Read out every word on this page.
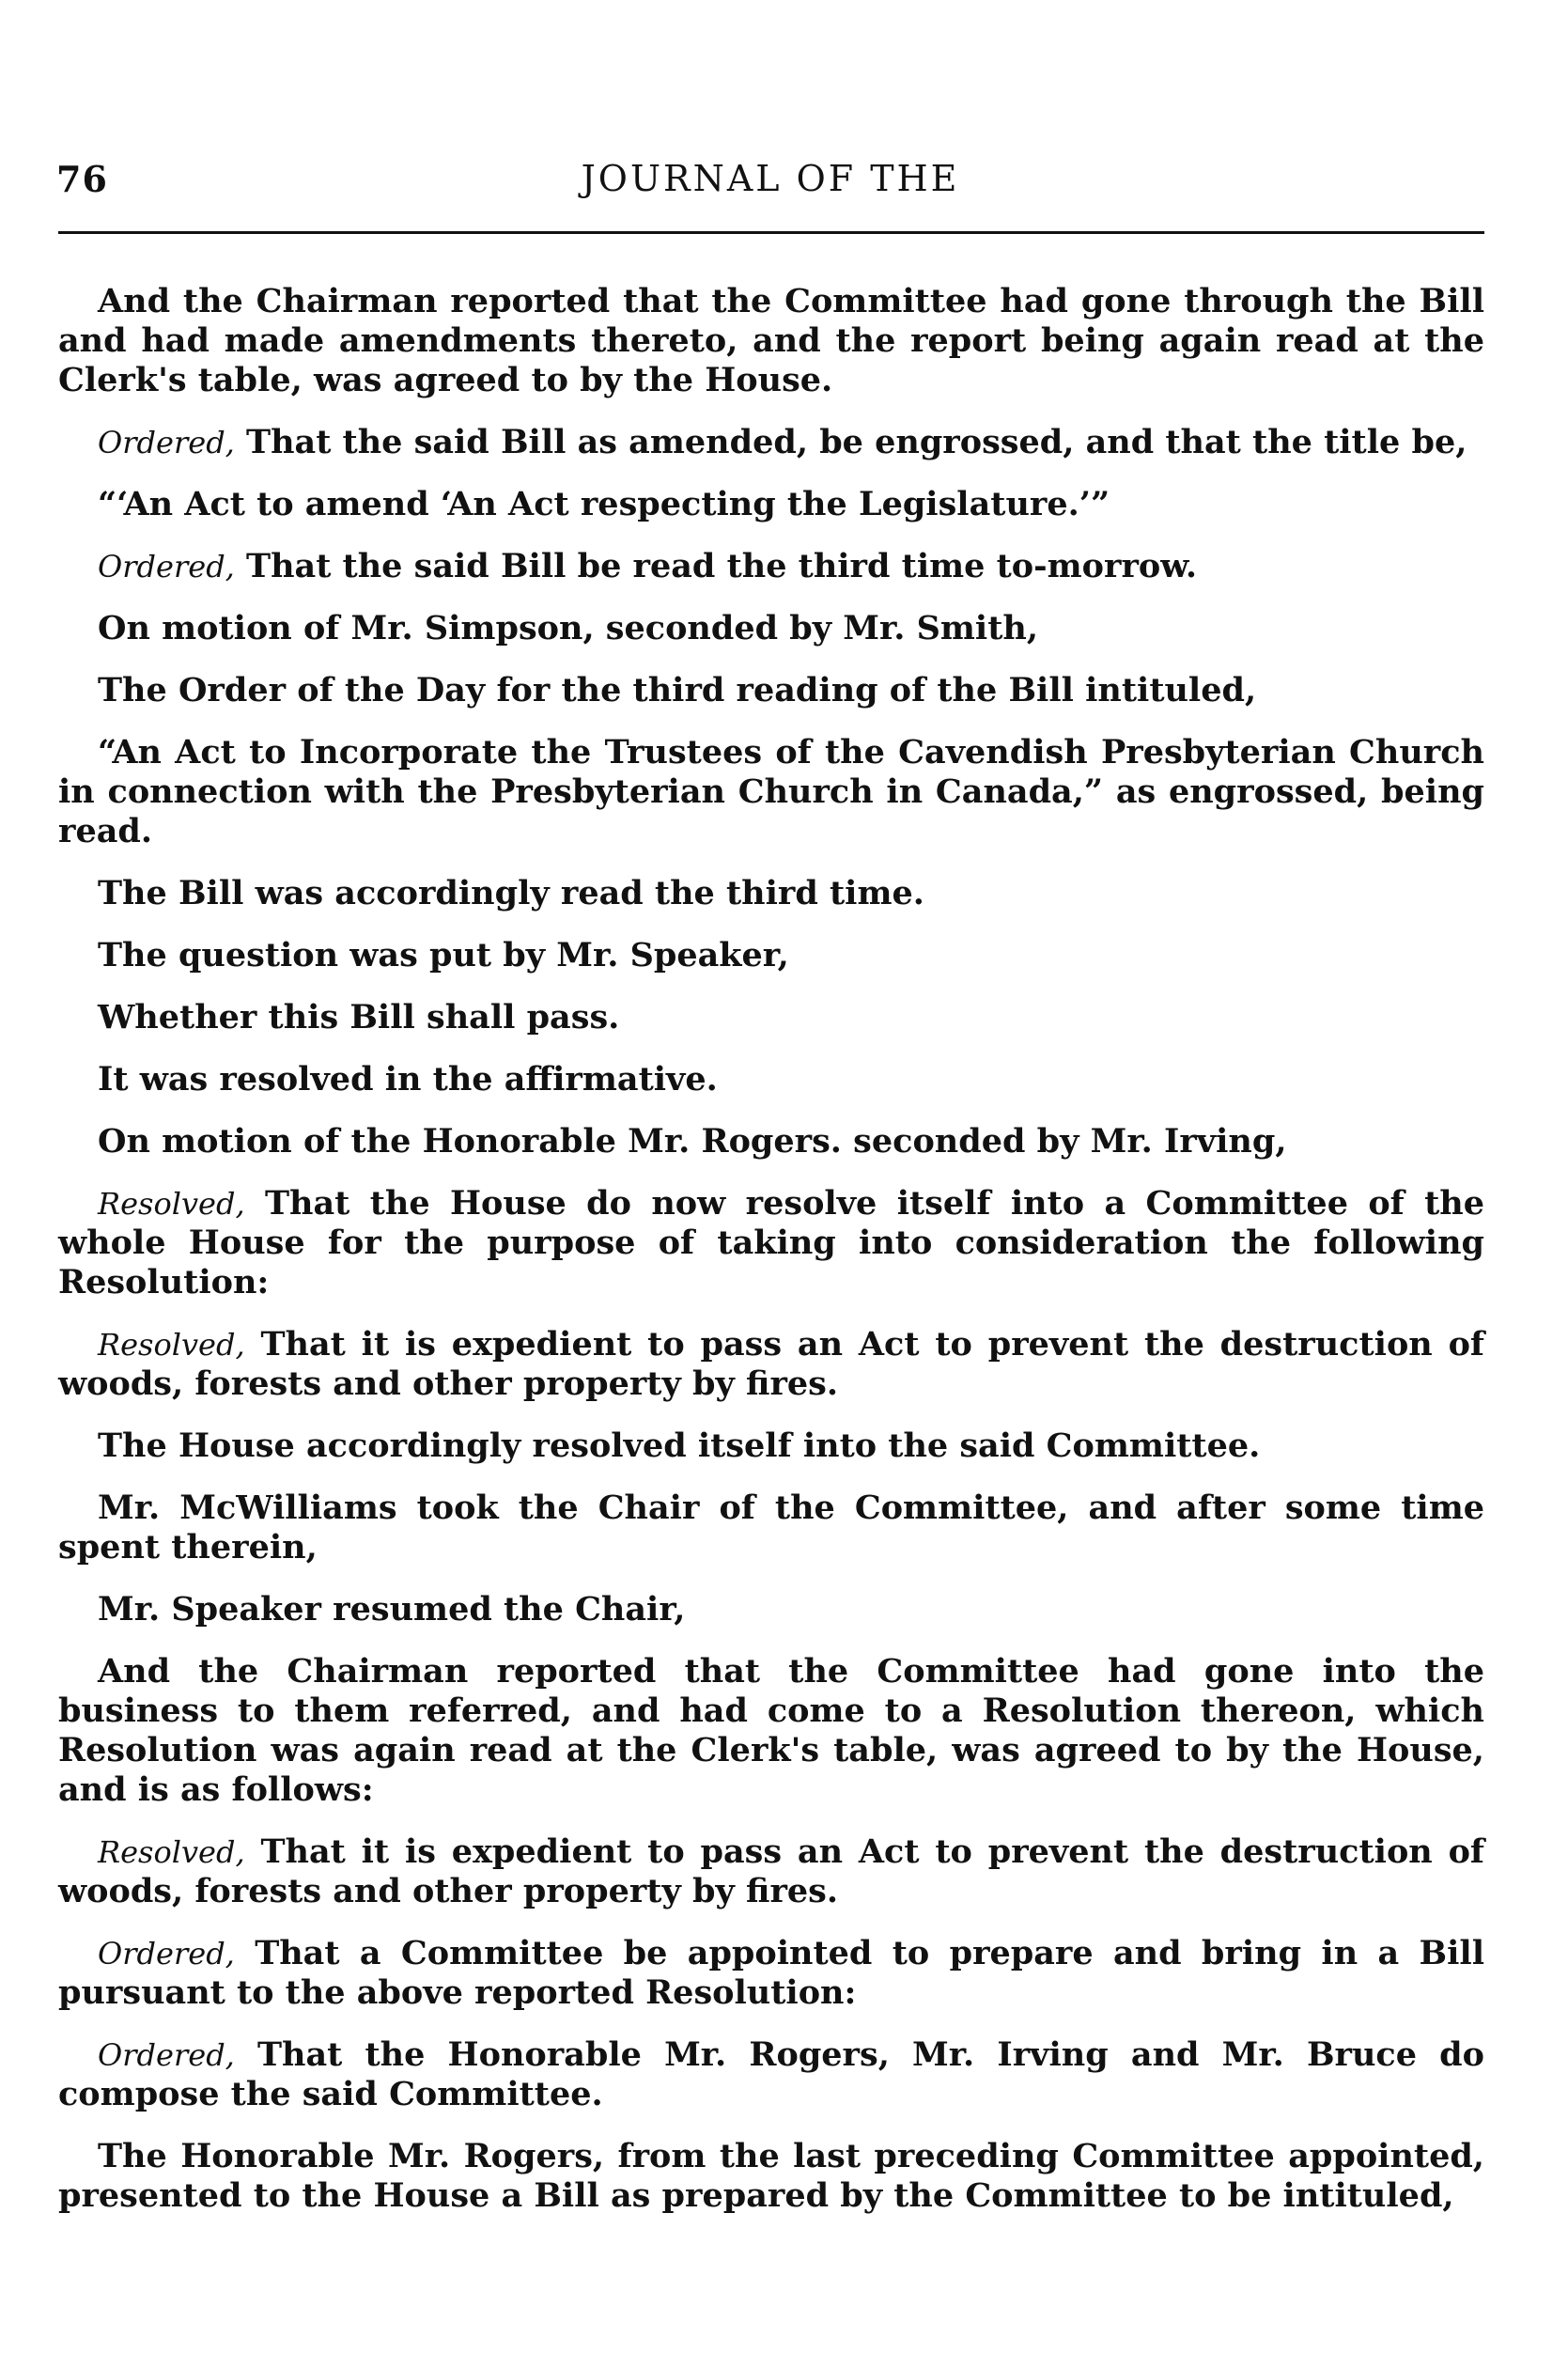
76	JOURNAL OF THE

And the Chairman reported that the Committee had gone through the Bill and had made amendments thereto, and the report being again read at the Clerk's table, was agreed to by the House.

Ordered, That the said Bill as amended, be engrossed, and that the title be,

“‘An Act to amend ‘An Act respecting the Legislature.’”

Ordered, That the said Bill be read the third time to-morrow.

On motion of Mr. Simpson, seconded by Mr. Smith,

The Order of the Day for the third reading of the Bill intituled,

“An Act to Incorporate the Trustees of the Cavendish Presbyterian Church in connection with the Presbyterian Church in Canada,” as engrossed, being read.

The Bill was accordingly read the third time.

The question was put by Mr. Speaker,

Whether this Bill shall pass.

It was resolved in the affirmative.

On motion of the Honorable Mr. Rogers. seconded by Mr. Irving,

Resolved, That the House do now resolve itself into a Committee of the whole House for the purpose of taking into consideration the following Resolution:

Resolved, That it is expedient to pass an Act to prevent the destruction of woods, forests and other property by fires.

The House accordingly resolved itself into the said Committee.

Mr. McWilliams took the Chair of the Committee, and after some time spent therein,

Mr. Speaker resumed the Chair,

And the Chairman reported that the Committee had gone into the business to them referred, and had come to a Resolution thereon, which Resolution was again read at the Clerk's table, was agreed to by the House, and is as follows:

Resolved, That it is expedient to pass an Act to prevent the destruction of woods, forests and other property by fires.

Ordered, That a Committee be appointed to prepare and bring in a Bill pursuant to the above reported Resolution:

Ordered, That the Honorable Mr. Rogers, Mr. Irving and Mr. Bruce do compose the said Committee.

The Honorable Mr. Rogers, from the last preceding Committee appointed, presented to the House a Bill as prepared by the Committee to be intituled,
